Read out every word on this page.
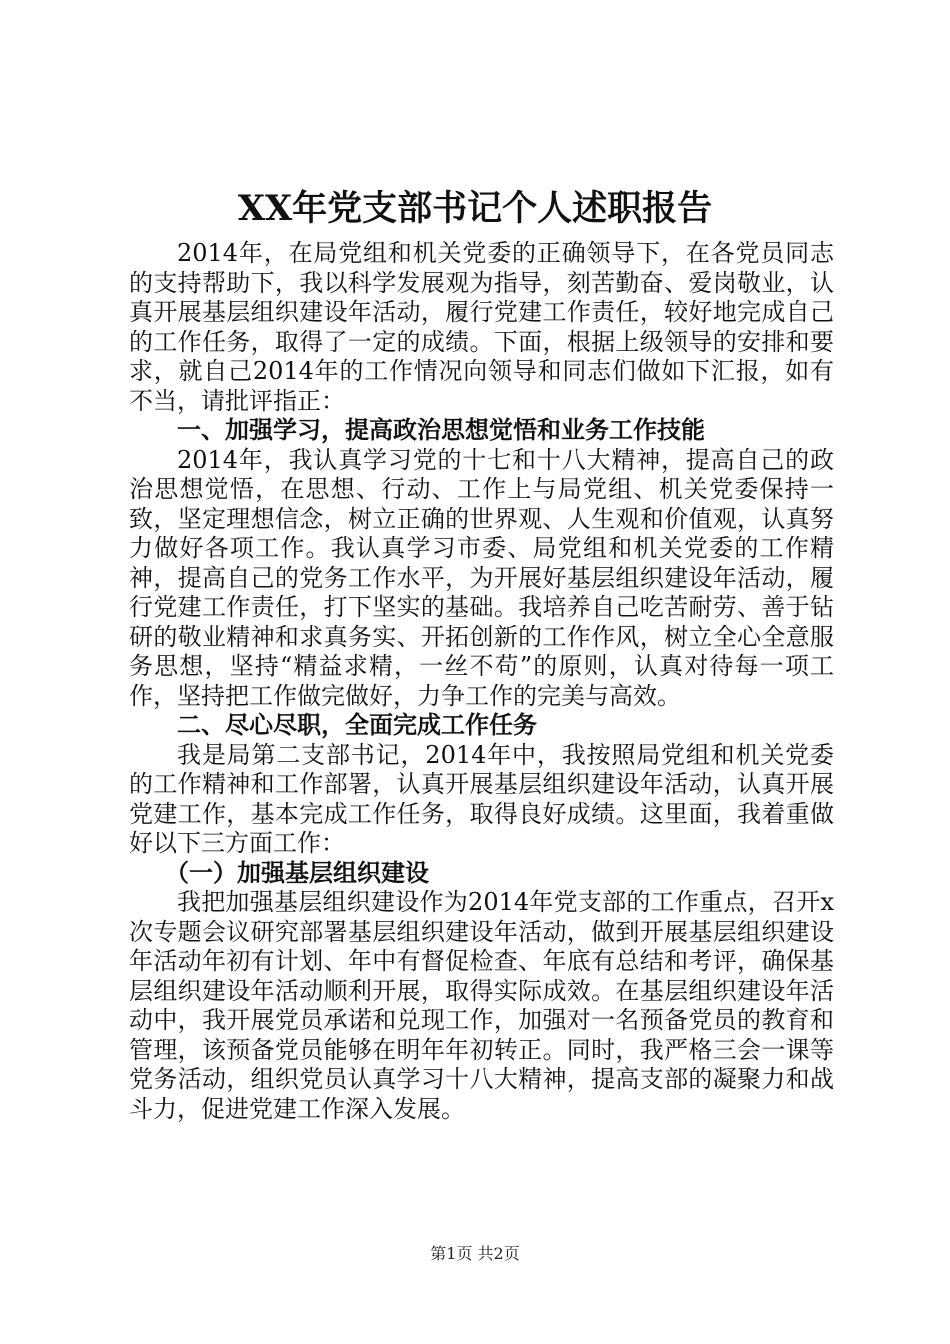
XX年党支部书记个人述职报告

2014年，在局党组和机关党委的正确领导下，在各党员同志的支持帮助下，我以科学发展观为指导，刻苦勤奋、爱岗敬业，认真开展基层组织建设年活动，履行党建工作责任，较好地完成自己的工作任务，取得了一定的成绩。下面，根据上级领导的安排和要求，就自己2014年的工作情况向领导和同志们做如下汇报，如有不当，请批评指正：

一、加强学习，提高政治思想觉悟和业务工作技能

2014年，我认真学习党的十七和十八大精神，提高自己的政治思想觉悟，在思想、行动、工作上与局党组、机关党委保持一致，坚定理想信念，树立正确的世界观、人生观和价值观，认真努力做好各项工作。我认真学习市委、局党组和机关党委的工作精神，提高自己的党务工作水平，为开展好基层组织建设年活动，履行党建工作责任，打下坚实的基础。我培养自己吃苦耐劳、善于钻研的敬业精神和求真务实、开拓创新的工作作风，树立全心全意服务思想，坚持“精益求精，一丝不苟”的原则，认真对待每一项工作，坚持把工作做完做好，力争工作的完美与高效。

二、尽心尽职，全面完成工作任务

我是局第二支部书记，2014年中，我按照局党组和机关党委的工作精神和工作部署，认真开展基层组织建设年活动，认真开展党建工作，基本完成工作任务，取得良好成绩。这里面，我着重做好以下三方面工作：

（一）加强基层组织建设

我把加强基层组织建设作为2014年党支部的工作重点，召开x次专题会议研究部署基层组织建设年活动，做到开展基层组织建设年活动年初有计划、年中有督促检查、年底有总结和考评，确保基层组织建设年活动顺利开展，取得实际成效。在基层组织建设年活动中，我开展党员承诺和兑现工作，加强对一名预备党员的教育和管理，该预备党员能够在明年年初转正。同时，我严格三会一课等党务活动，组织党员认真学习十八大精神，提高支部的凝聚力和战斗力，促进党建工作深入发展。

第1页 共2页
